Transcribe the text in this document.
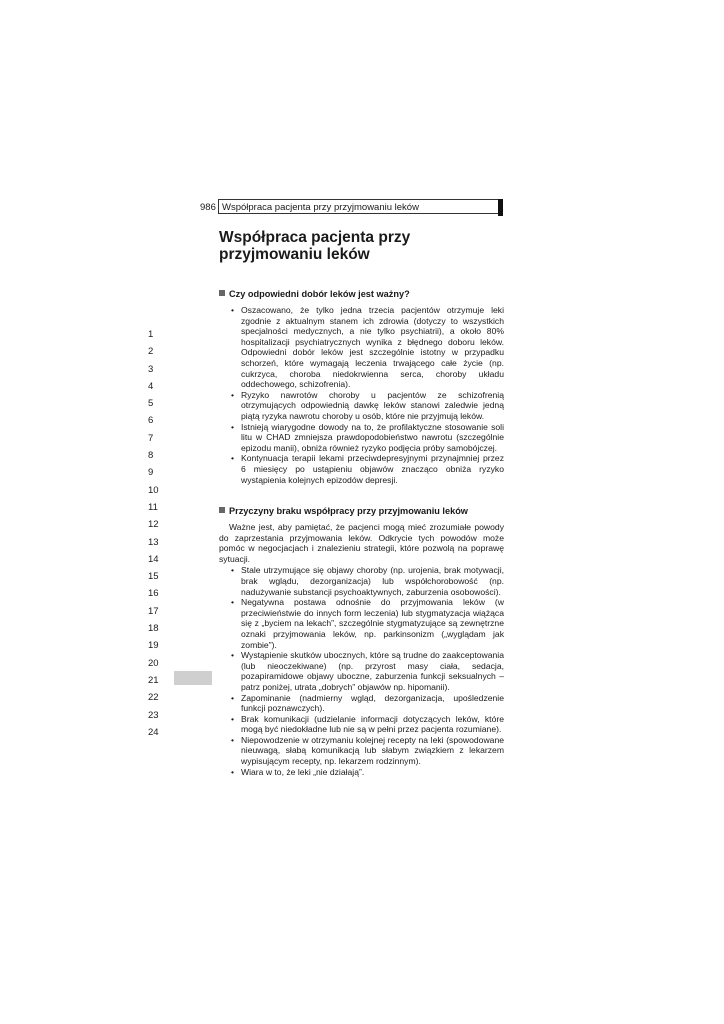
986 Współpraca pacjenta przy przyjmowaniu leków
Współpraca pacjenta przy
przyjmowaniu leków
Czy odpowiedni dobór leków jest ważny?
• Oszacowano, że tylko jedna trzecia pacjentów otrzymuje leki zgodnie z aktualnym stanem ich zdrowia (dotyczy to wszystkich specjalności medycznych, a nie tylko psychiatrii), a około 80% hospitalizacji psychiatrycznych wynika z błędnego doboru leków. Odpowiedni dobór leków jest szczególnie istotny w przypadku schorzeń, które wymagają leczenia trwającego całe życie (np. cukrzyca, choroba niedokrwienna serca, choroby układu oddechowego, schizofrenia).
• Ryzyko nawrotów choroby u pacjentów ze schizofrenią otrzymujących odpowiednią dawkę leków stanowi zaledwie jedną piątą ryzyka nawrotu choroby u osób, które nie przyjmują leków.
• Istnieją wiarygodne dowody na to, że profilaktyczne stosowanie soli litu w CHAD zmniejsza prawdopodobieństwo nawrotu (szczególnie epizodu manii), obniża również ryzyko podjęcia próby samobójczej.
• Kontynuacja terapii lekami przeciwdepresyjnymi przynajmniej przez 6 miesięcy po ustąpieniu objawów znacząco obniża ryzyko wystąpienia kolejnych epizodów depresji.
Przyczyny braku współpracy przy przyjmowaniu leków

Ważne jest, aby pamiętać, że pacjenci mogą mieć zrozumiałe powody do zaprzestania przyjmowania leków. Odkrycie tych powodów może pomóc w negocjacjach i znalezieniu strategii, które pozwolą na poprawę sytuacji.

• Stale utrzymujące się objawy choroby (np. urojenia, brak motywacji, brak wglądu, dezorganizacja) lub współchorobowość (np. nadużywanie substancji psychoaktywnych, zaburzenia osobowości).
• Negatywna postawa odnośnie do przyjmowania leków (w przeciwieństwie do innych form leczenia) lub stygmatyzacja wiążąca się z „byciem na lekach”, szczególnie stygmatyzujące są zewnętrzne oznaki przyjmowania leków, np. parkinsonizm („wyglądam jak zombie”).
• Wystąpienie skutków ubocznych, które są trudne do zaakceptowania (lub nieoczekiwane) (np. przyrost masy ciała, sedacja, pozapiramidowe objawy uboczne, zaburzenia funkcji seksualnych – patrz poniżej, utrata „dobrych” objawów np. hipomanii).
• Zapominanie (nadmierny wgląd, dezorganizacja, upośledzenie funkcji poznawczych).
• Brak komunikacji (udzielanie informacji dotyczących leków, które mogą być niedokładne lub nie są w pełni przez pacjenta rozumiane).
• Niepowodzenie w otrzymaniu kolejnej recepty na leki (spowodowane nieuwagą, słabą komunikacją lub słabym związkiem z lekarzem wypisującym recepty, np. lekarzem rodzinnym).
• Wiara w to, że leki „nie działają”.
1
2
3
4
5
6
7
8
9
10
11
12
13
14
15
16
17
18
19
20
21
22
23
24
